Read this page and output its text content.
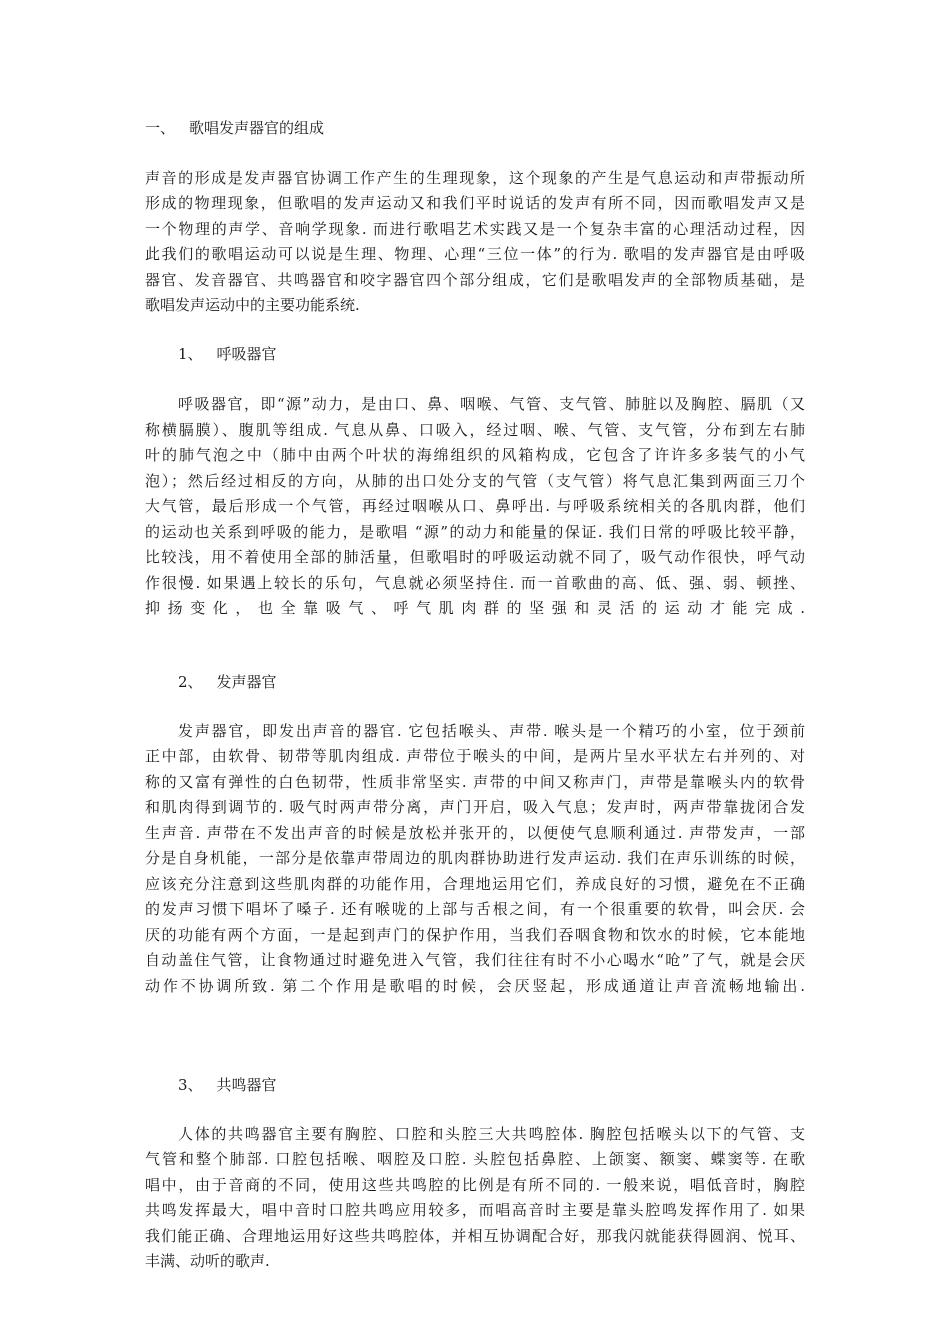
一、 歌唱发声器官的组成
声音的形成是发声器官协调工作产生的生理现象，这个现象的产生是气息运动和声带振动所
形成的物理现象，但歌唱的发声运动又和我们平时说话的发声有所不同，因而歌唱发声又是
一个物理的声学、音响学现象. 而进行歌唱艺术实践又是一个复杂丰富的心理活动过程，因
此我们的歌唱运动可以说是生理、物理、心理“三位一体”的行为. 歌唱的发声器官是由呼吸
器官、发音器官、共鸣器官和咬字器官四个部分组成，它们是歌唱发声的全部物质基础，是
歌唱发声运动中的主要功能系统.
1、 呼吸器官
呼吸器官，即“源”动力，是由口、鼻、咽喉、气管、支气管、肺脏以及胸腔、膈肌（又
称横膈膜）、腹肌等组成. 气息从鼻、口吸入，经过咽、喉、气管、支气管，分布到左右肺
叶的肺气泡之中（肺中由两个叶状的海绵组织的风箱构成，它包含了许许多多装气的小气
泡）；然后经过相反的方向，从肺的出口处分支的气管（支气管）将气息汇集到两面三刀个
大气管，最后形成一个气管，再经过咽喉从口、鼻呼出. 与呼吸系统相关的各肌肉群，他们
的运动也关系到呼吸的能力，是歌唱 “源”的动力和能量的保证. 我们日常的呼吸比较平静，
比较浅，用不着使用全部的肺活量，但歌唱时的呼吸运动就不同了，吸气动作很快，呼气动
作很慢. 如果遇上较长的乐句，气息就必须坚持住. 而一首歌曲的高、低、强、弱、顿挫、
抑扬变化，也全靠吸气、呼气肌肉群的坚强和灵活的运动才能完成.
2、 发声器官
发声器官，即发出声音的器官. 它包括喉头、声带. 喉头是一个精巧的小室，位于颈前
正中部，由软骨、韧带等肌肉组成. 声带位于喉头的中间，是两片呈水平状左右并列的、对
称的又富有弹性的白色韧带，性质非常坚实. 声带的中间又称声门，声带是靠喉头内的软骨
和肌肉得到调节的. 吸气时两声带分离，声门开启，吸入气息；发声时，两声带靠拢闭合发
生声音. 声带在不发出声音的时候是放松并张开的，以便使气息顺利通过. 声带发声，一部
分是自身机能，一部分是依靠声带周边的肌肉群协助进行发声运动. 我们在声乐训练的时候，
应该充分注意到这些肌肉群的功能作用，合理地运用它们，养成良好的习惯，避免在不正确
的发声习惯下唱坏了嗓子. 还有喉咙的上部与舌根之间，有一个很重要的软骨，叫会厌. 会
厌的功能有两个方面，一是起到声门的保护作用，当我们吞咽食物和饮水的时候，它本能地
自动盖住气管，让食物通过时避免进入气管，我们往往有时不小心喝水“呛”了气，就是会厌
动作不协调所致. 第二个作用是歌唱的时候，会厌竖起，形成通道让声音流畅地输出.
3、 共鸣器官
人体的共鸣器官主要有胸腔、口腔和头腔三大共鸣腔体. 胸腔包括喉头以下的气管、支
气管和整个肺部. 口腔包括喉、咽腔及口腔. 头腔包括鼻腔、上颌窦、额窦、蝶窦等. 在歌
唱中，由于音商的不同，使用这些共鸣腔的比例是有所不同的. 一般来说，唱低音时，胸腔
共鸣发挥最大，唱中音时口腔共鸣应用较多，而唱高音时主要是靠头腔鸣发挥作用了. 如果
我们能正确、合理地运用好这些共鸣腔体，并相互协调配合好，那我闪就能获得圆润、悦耳、
丰满、动听的歌声.
